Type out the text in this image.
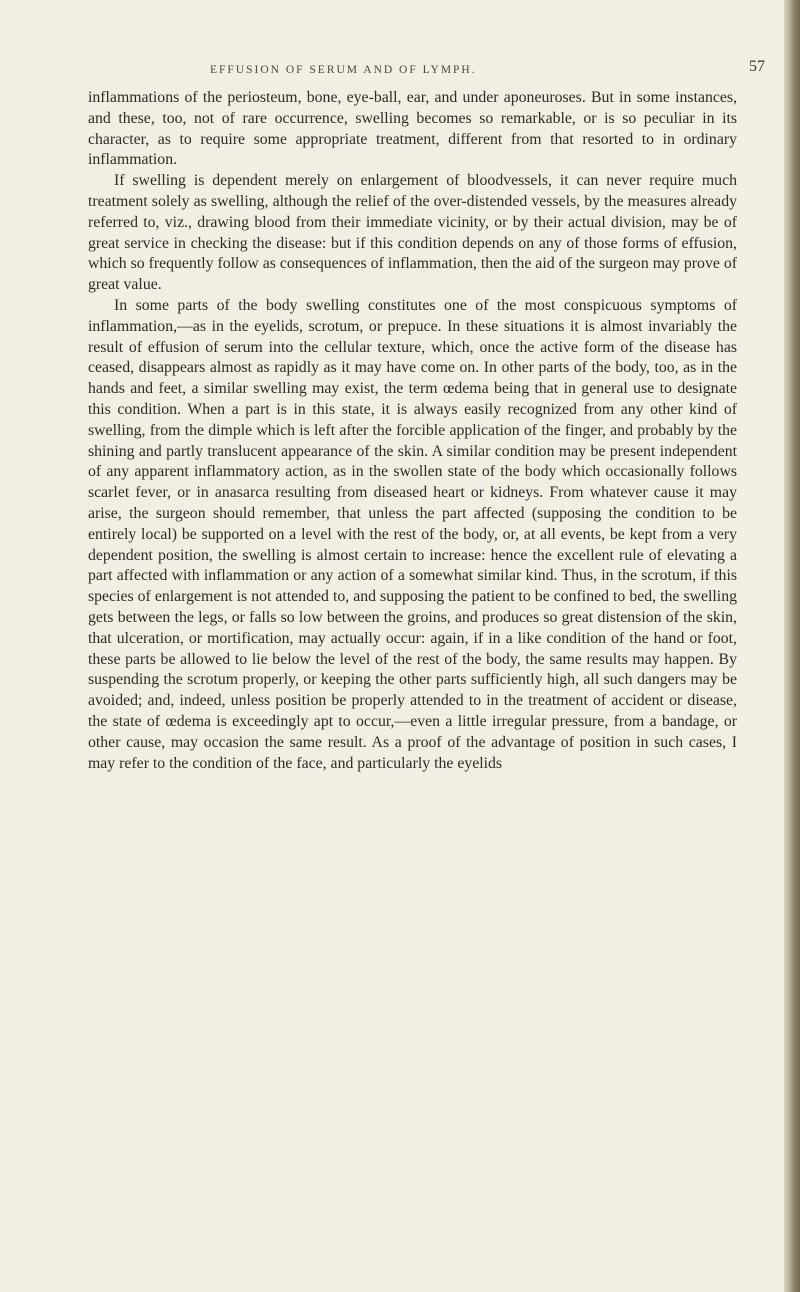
EFFUSION OF SERUM AND OF LYMPH.	57

inflammations of the periosteum, bone, eye-ball, ear, and under aponeuroses. But in some instances, and these, too, not of rare occurrence, swelling becomes so remarkable, or is so peculiar in its character, as to require some appropriate treatment, different from that resorted to in ordinary inflammation.

If swelling is dependent merely on enlargement of bloodvessels, it can never require much treatment solely as swelling, although the relief of the over-distended vessels, by the measures already referred to, viz., drawing blood from their immediate vicinity, or by their actual division, may be of great service in checking the disease: but if this condition depends on any of those forms of effusion, which so frequently follow as consequences of inflammation, then the aid of the surgeon may prove of great value.

In some parts of the body swelling constitutes one of the most conspicuous symptoms of inflammation,—as in the eyelids, scrotum, or prepuce. In these situations it is almost invariably the result of effusion of serum into the cellular texture, which, once the active form of the disease has ceased, disappears almost as rapidly as it may have come on. In other parts of the body, too, as in the hands and feet, a similar swelling may exist, the term œdema being that in general use to designate this condition. When a part is in this state, it is always easily recognized from any other kind of swelling, from the dimple which is left after the forcible application of the finger, and probably by the shining and partly translucent appearance of the skin. A similar condition may be present independent of any apparent inflammatory action, as in the swollen state of the body which occasionally follows scarlet fever, or in anasarca resulting from diseased heart or kidneys. From whatever cause it may arise, the surgeon should remember, that unless the part affected (supposing the condition to be entirely local) be supported on a level with the rest of the body, or, at all events, be kept from a very dependent position, the swelling is almost certain to increase: hence the excellent rule of elevating a part affected with inflammation or any action of a somewhat similar kind. Thus, in the scrotum, if this species of enlargement is not attended to, and supposing the patient to be confined to bed, the swelling gets between the legs, or falls so low between the groins, and produces so great distension of the skin, that ulceration, or mortification, may actually occur: again, if in a like condition of the hand or foot, these parts be allowed to lie below the level of the rest of the body, the same results may happen. By suspending the scrotum properly, or keeping the other parts sufficiently high, all such dangers may be avoided; and, indeed, unless position be properly attended to in the treatment of accident or disease, the state of œdema is exceedingly apt to occur,—even a little irregular pressure, from a bandage, or other cause, may occasion the same result. As a proof of the advantage of position in such cases, I may refer to the condition of the face, and particularly the eyelids
